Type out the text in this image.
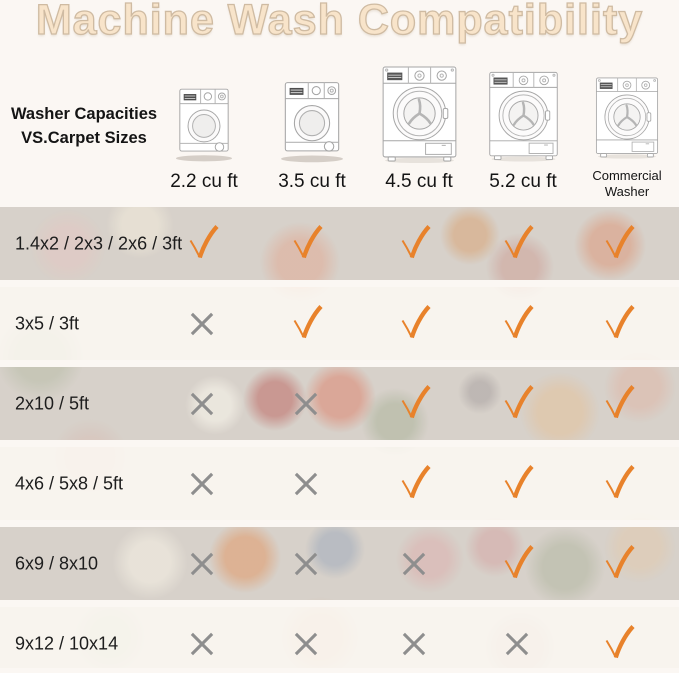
Machine Wash Compatibility
Washer Capacities
VS.Carpet Sizes
2.2 cu ft 3.5 cu ft 4.5 cu ft 5.2 cu ft	Commercial
Washer
1.4x2 / 2x3 / 2x6 / 3ft
3x5 / 3ft
2x10 / 5ft
4x6 / 5x8 / 5ft
6x9 / 8x10
9x12 / 10x14
